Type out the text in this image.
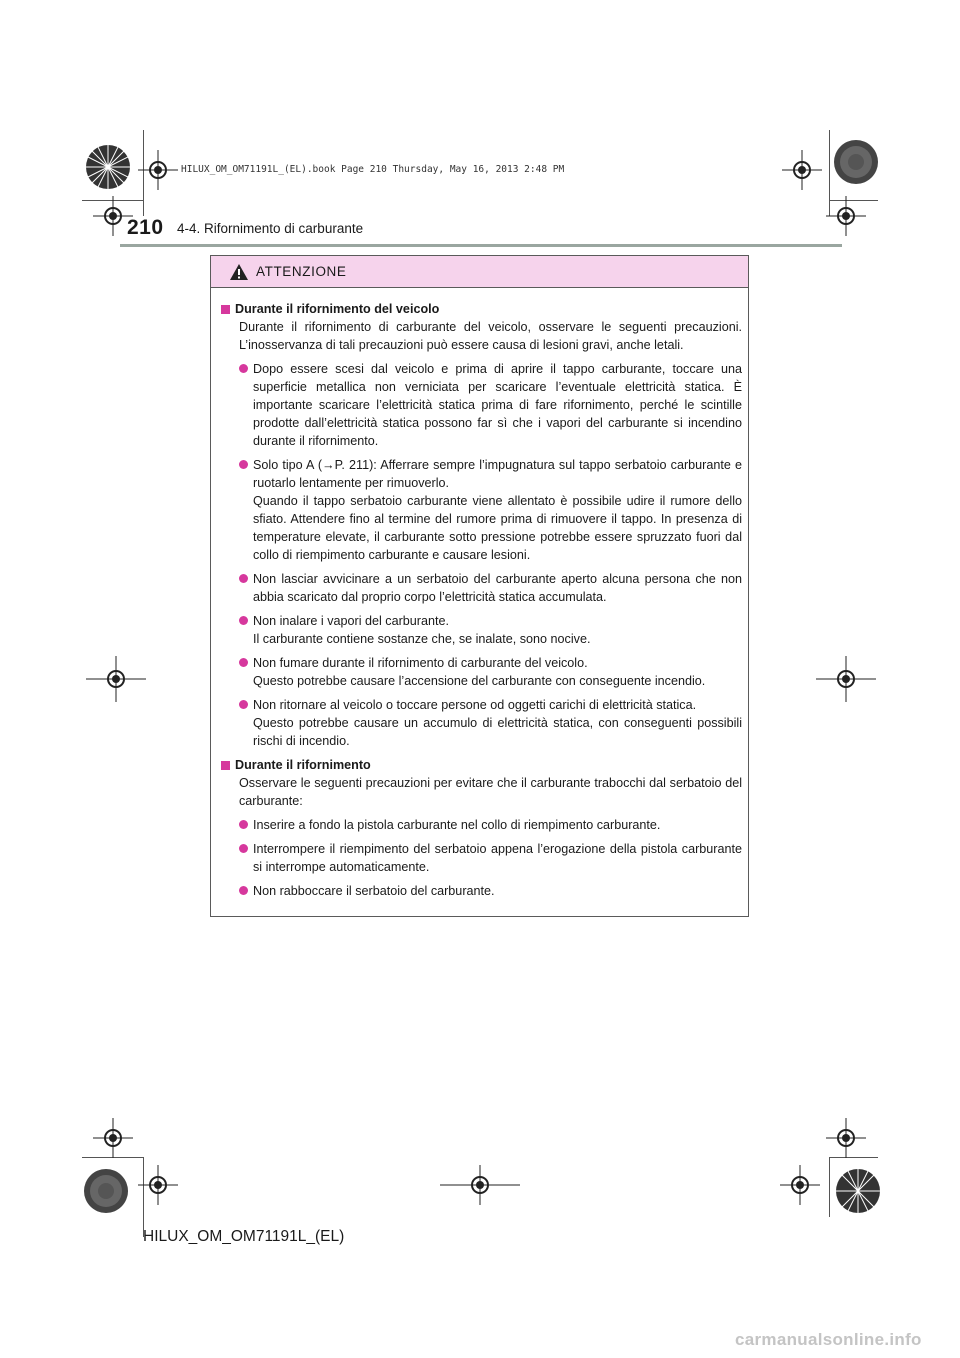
HILUX_OM_OM71191L_(EL).book Page 210 Thursday, May 16, 2013 2:48 PM
210 4-4. Rifornimento di carburante
ATTENZIONE
Durante il rifornimento del veicolo
Durante il rifornimento di carburante del veicolo, osservare le seguenti precauzioni. L’inosservanza di tali precauzioni può essere causa di lesioni gravi, anche letali.
Dopo essere scesi dal veicolo e prima di aprire il tappo carburante, toccare una superficie metallica non verniciata per scaricare l’eventuale elettricità statica. È importante scaricare l’elettricità statica prima di fare rifornimento, perché le scintille prodotte dall’elettricità statica possono far sì che i vapori del carburante si incendino durante il rifornimento.
Solo tipo A (→P. 211): Afferrare sempre l’impugnatura sul tappo serbatoio carburante e ruotarlo lentamente per rimuoverlo.
Quando il tappo serbatoio carburante viene allentato è possibile udire il rumore dello sfiato. Attendere fino al termine del rumore prima di rimuovere il tappo. In presenza di temperature elevate, il carburante sotto pressione potrebbe essere spruzzato fuori dal collo di riempimento carburante e causare lesioni.
Non lasciar avvicinare a un serbatoio del carburante aperto alcuna persona che non abbia scaricato dal proprio corpo l’elettricità statica accumulata.
Non inalare i vapori del carburante.
Il carburante contiene sostanze che, se inalate, sono nocive.
Non fumare durante il rifornimento di carburante del veicolo.
Questo potrebbe causare l’accensione del carburante con conseguente incendio.
Non ritornare al veicolo o toccare persone od oggetti carichi di elettricità statica.
Questo potrebbe causare un accumulo di elettricità statica, con conseguenti possibili rischi di incendio.
Durante il rifornimento
Osservare le seguenti precauzioni per evitare che il carburante trabocchi dal serbatoio del carburante:
Inserire a fondo la pistola carburante nel collo di riempimento carburante.
Interrompere il riempimento del serbatoio appena l’erogazione della pistola carburante si interrompe automaticamente.
Non rabboccare il serbatoio del carburante.
HILUX_OM_OM71191L_(EL)
carmanualsonline.info
